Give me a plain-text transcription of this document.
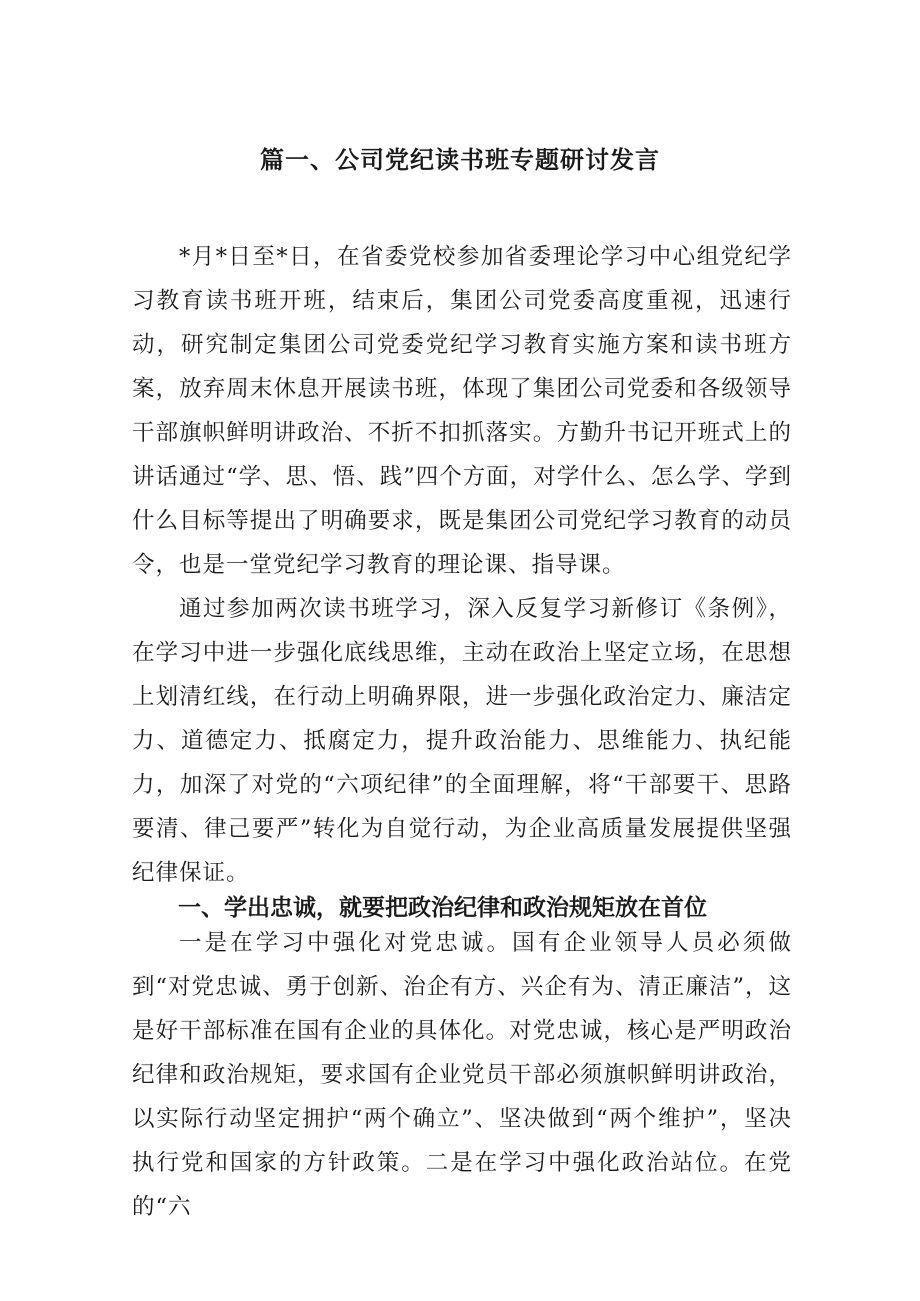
篇一、公司党纪读书班专题研讨发言

*月*日至*日，在省委党校参加省委理论学习中心组党纪学习教育读书班开班，结束后，集团公司党委高度重视，迅速行动，研究制定集团公司党委党纪学习教育实施方案和读书班方案，放弃周末休息开展读书班，体现了集团公司党委和各级领导干部旗帜鲜明讲政治、不折不扣抓落实。方勤升书记开班式上的讲话通过“学、思、悟、践”四个方面，对学什么、怎么学、学到什么目标等提出了明确要求，既是集团公司党纪学习教育的动员令，也是一堂党纪学习教育的理论课、指导课。

通过参加两次读书班学习，深入反复学习新修订《条例》，在学习中进一步强化底线思维，主动在政治上坚定立场，在思想上划清红线，在行动上明确界限，进一步强化政治定力、廉洁定力、道德定力、抵腐定力，提升政治能力、思维能力、执纪能力，加深了对党的“六项纪律”的全面理解，将“干部要干、思路要清、律己要严”转化为自觉行动，为企业高质量发展提供坚强纪律保证。

一、学出忠诚，就要把政治纪律和政治规矩放在首位

一是在学习中强化对党忠诚。国有企业领导人员必须做到“对党忠诚、勇于创新、治企有方、兴企有为、清正廉洁”，这是好干部标准在国有企业的具体化。对党忠诚，核心是严明政治纪律和政治规矩，要求国有企业党员干部必须旗帜鲜明讲政治，以实际行动坚定拥护“两个确立”、坚决做到“两个维护”，坚决执行党和国家的方针政策。二是在学习中强化政治站位。在党的“六
